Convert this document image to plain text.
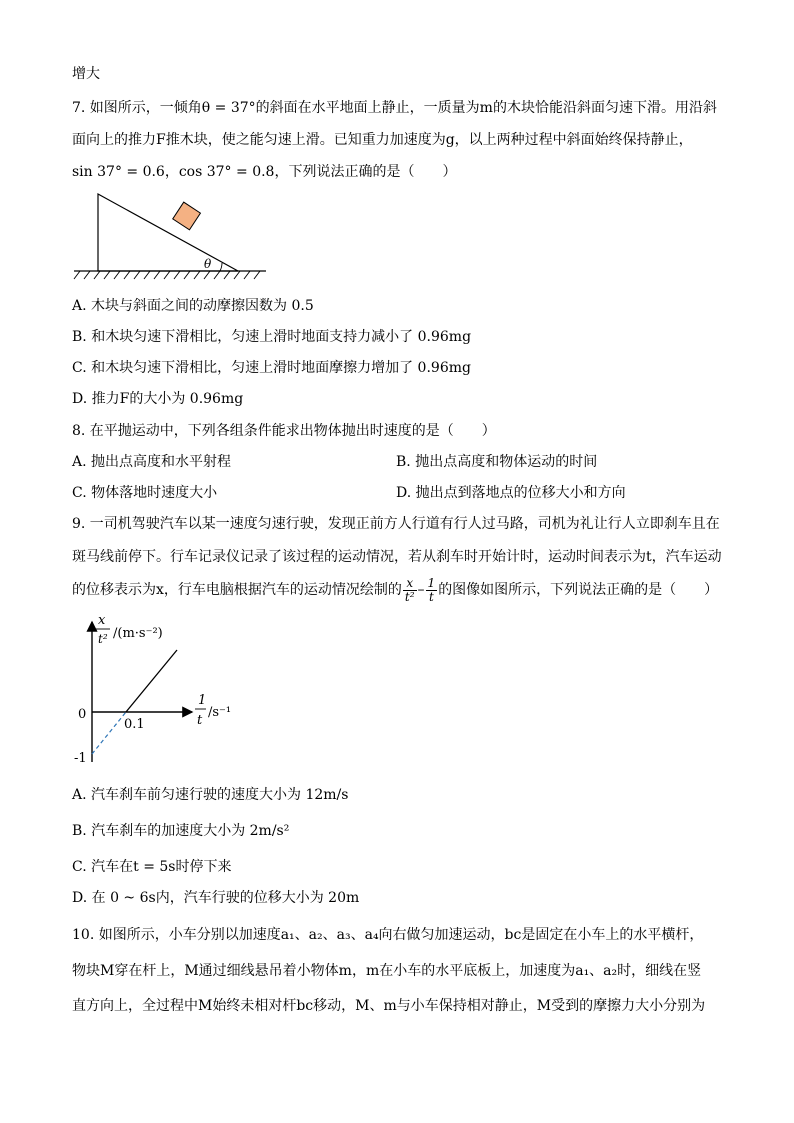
增大
7. 如图所示，一倾角θ = 37°的斜面在水平地面上静止，一质量为m的木块恰能沿斜面匀速下滑。用沿斜
面向上的推力F推木块，使之能匀速上滑。已知重力加速度为g，以上两种过程中斜面始终保持静止，
sin 37° = 0.6，cos 37° = 0.8，下列说法正确的是（　　）
θ
A. 木块与斜面之间的动摩擦因数为 0.5
B. 和木块匀速下滑相比，匀速上滑时地面支持力减小了 0.96mg
C. 和木块匀速下滑相比，匀速上滑时地面摩擦力增加了 0.96mg
D. 推力F的大小为 0.96mg
8. 在平抛运动中，下列各组条件能求出物体抛出时速度的是（　　）
A. 抛出点高度和水平射程	B. 抛出点高度和物体运动的时间
C. 物体落地时速度大小	D. 抛出点到落地点的位移大小和方向
9. 一司机驾驶汽车以某一速度匀速行驶，发现正前方人行道有行人过马路，司机为礼让行人立即刹车且在
斑马线前停下。行车记录仪记录了该过程的运动情况，若从刹车时开始计时，运动时间表示为t，汽车运动
的位移表示为x，行车电脑根据汽车的运动情况绘制的 $\frac{x}{\text{t²}} - \frac{1}{t}$ 的图像如图所示，下列说法正确的是（　　）
x
t² /(m·s⁻²)
1
t
/s⁻¹
0
0.1
-1
A. 汽车刹车前匀速行驶的速度大小为 12m/s
B. 汽车刹车的加速度大小为 2m/s²
C. 汽车在t = 5s时停下来
D. 在 0 ~ 6s内，汽车行驶的位移大小为 20m
10. 如图所示，小车分别以加速度a₁、a₂、a₃、a₄向右做匀加速运动，bc是固定在小车上的水平横杆，
物块M穿在杆上，M通过细线悬吊着小物体m，m在小车的水平底板上，加速度为a₁、a₂时，细线在竖
直方向上，全过程中M始终未相对杆bc移动，M、m与小车保持相对静止，M受到的摩擦力大小分别为
